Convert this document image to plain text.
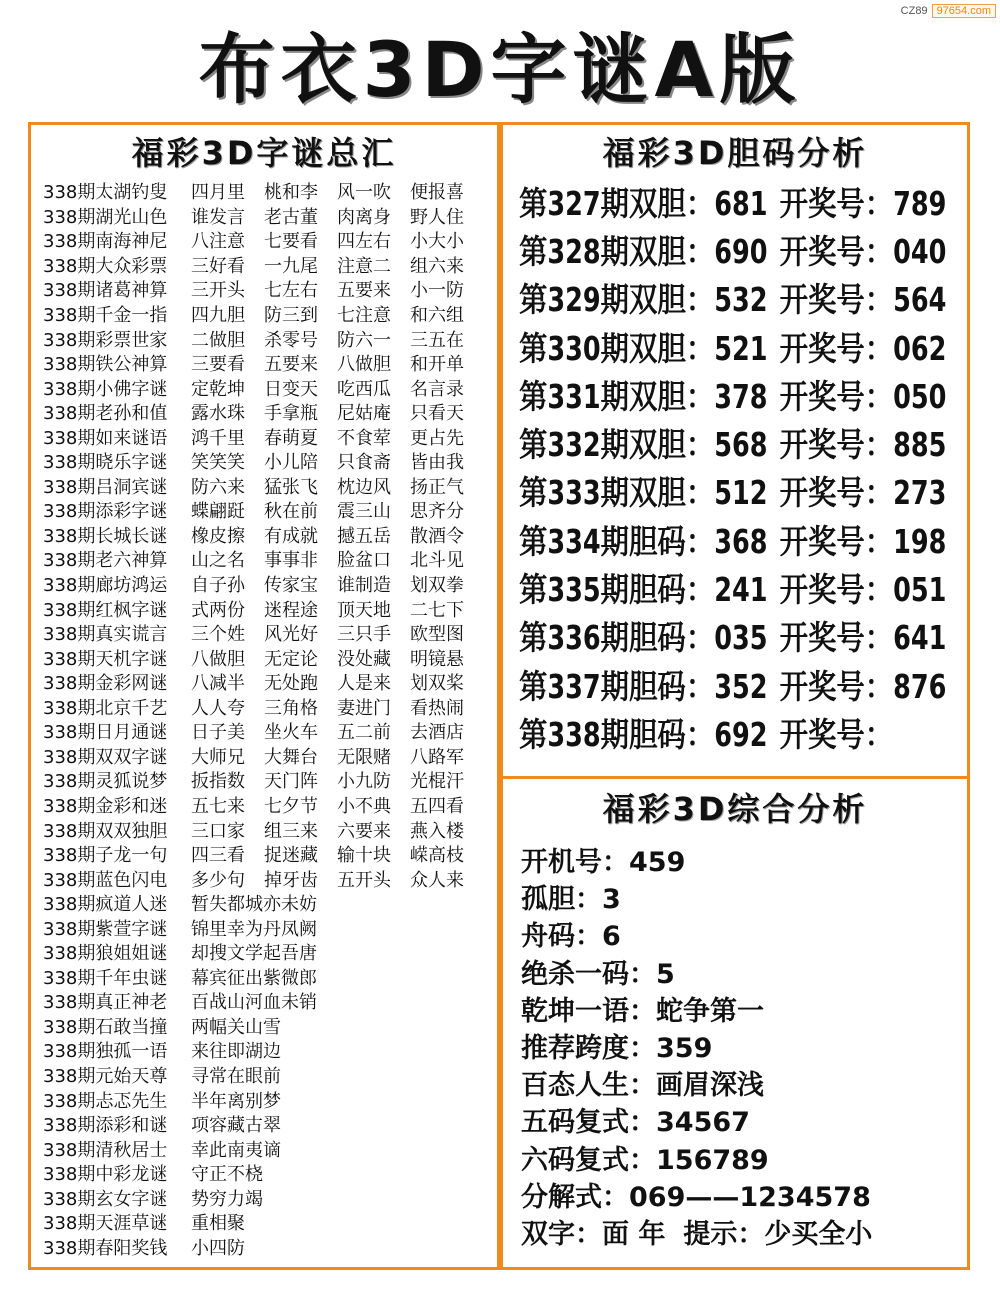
CZ89 97654.com
布衣3D字谜A版
福彩3D字谜总汇
338期太湖钓叟	四月里	桃和李	风一吹	便报喜
338期湖光山色	谁发言	老古董	肉离身	野人住
338期南海神尼	八注意	七要看	四左右	小大小
338期大众彩票	三好看	一九尾	注意二	组六来
338期诸葛神算	三开头	七左右	五要来	小一防
338期千金一指	四九胆	防三到	七注意	和六组
338期彩票世家	二做胆	杀零号	防六一	三五在
338期铁公神算	三要看	五要来	八做胆	和开单
338期小佛字谜	定乾坤	日变天	吃西瓜	名言录
338期老孙和值	露水珠	手拿瓶	尼姑庵	只看天
338期如来谜语	鸿千里	春萌夏	不食荤	更占先
338期晓乐字谜	笑笑笑	小儿陪	只食斋	皆由我
338期吕洞宾谜	防六来	猛张飞	枕边风	扬正气
338期添彩字谜	蝶翩跹	秋在前	震三山	思齐分
338期长城长谜	橡皮擦	有成就	撼五岳	散酒令
338期老六神算	山之名	事事非	脸盆口	北斗见
338期廊坊鸿运	自子孙	传家宝	谁制造	划双拳
338期红枫字谜	式两份	迷程途	顶天地	二七下
338期真实谎言	三个姓	风光好	三只手	欧型图
338期天机字谜	八做胆	无定论	没处藏	明镜悬
338期金彩网谜	八减半	无处跑	人是来	划双桨
338期北京千艺	人人夸	三角格	妻进门	看热闹
338期日月通谜	日子美	坐火车	五二前	去酒店
338期双双字谜	大师兄	大舞台	无限赌	八路军
338期灵狐说梦	扳指数	天门阵	小九防	光棍汗
338期金彩和迷	五七来	七夕节	小不典	五四看
338期双双独胆	三口家	组三来	六要来	燕入楼
338期子龙一句	四三看	捉迷藏	输十块	嵘高枝
338期蓝色闪电	多少句	掉牙齿	五开头	众人来
338期疯道人迷	暂失都城亦未妨
338期紫萱字谜	锦里幸为丹凤阙
338期狼姐姐谜	却搜文学起吾唐
338期千年虫谜	幕宾征出紫微郎
338期真正神老	百战山河血未销
338期石敢当撞	两幅关山雪
338期独孤一语	来往即湖边
338期元始天尊	寻常在眼前
338期忐忑先生	半年离别梦
338期添彩和谜	项容藏古翠
338期清秋居士	幸此南夷谪
338期中彩龙谜	守正不桡
338期玄女字谜	势穷力竭
338期天涯草谜	重相聚
338期春阳奖钱	小四防
福彩3D胆码分析
第327期双胆：681 开奖号：789
第328期双胆：690 开奖号：040
第329期双胆：532 开奖号：564
第330期双胆：521 开奖号：062
第331期双胆：378 开奖号：050
第332期双胆：568 开奖号：885
第333期双胆：512 开奖号：273
第334期胆码：368 开奖号：198
第335期胆码：241 开奖号：051
第336期胆码：035 开奖号：641
第337期胆码：352 开奖号：876
第338期胆码：692 开奖号：
福彩3D综合分析
开机号：459
孤胆：3
舟码：6
绝杀一码：5
乾坤一语：蛇争第一
推荐跨度：359
百态人生：画眉深浅
五码复式：34567
六码复式：156789
分解式：069——1234578
双字：面 年 提示：少买全小
